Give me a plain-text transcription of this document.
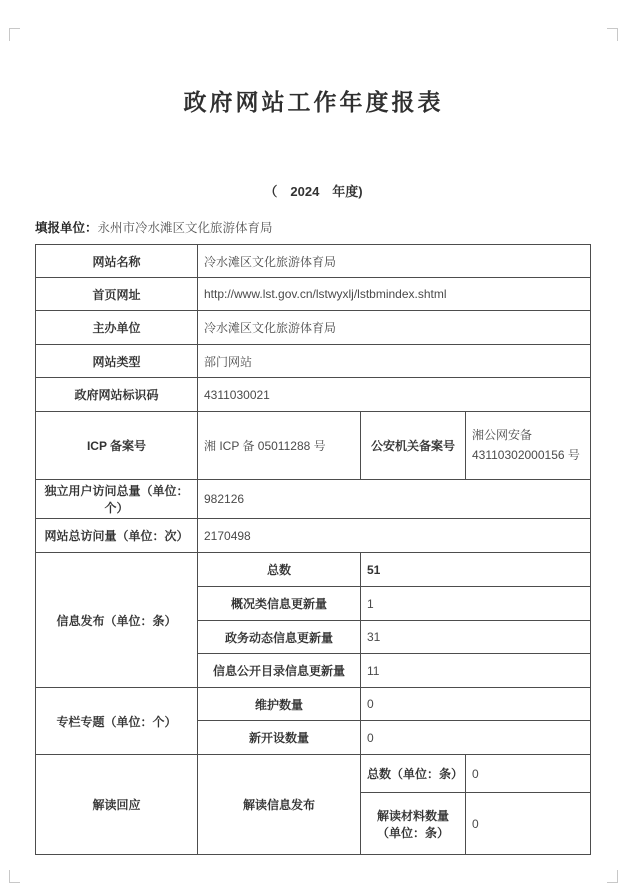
政府网站工作年度报表
（　2024　年度)
填报单位：永州市冷水滩区文化旅游体育局
网站名称	冷水滩区文化旅游体育局		
首页网址	http://www.lst.gov.cn/lstwyxlj/lstbmindex.shtml		
主办单位	冷水滩区文化旅游体育局		
网站类型	部门网站		
政府网站标识码	4311030021		
ICP 备案号	湘 ICP 备 05011288 号	公安机关备案号	湘公网安备
43110302000156 号

独立用户访问总量（单位：个）	982126		
网站总访问量（单位：次）	2170498		
信息发布（单位：条）	总数	51	
	概况类信息更新量	1	
	政务动态信息更新量	31	
	信息公开目录信息更新量	11	
专栏专题（单位：个）	维护数量	0	
	新开设数量	0	
解读回应	解读信息发布	总数（单位：条）	0
		解读材料数量（单位：条）	0
